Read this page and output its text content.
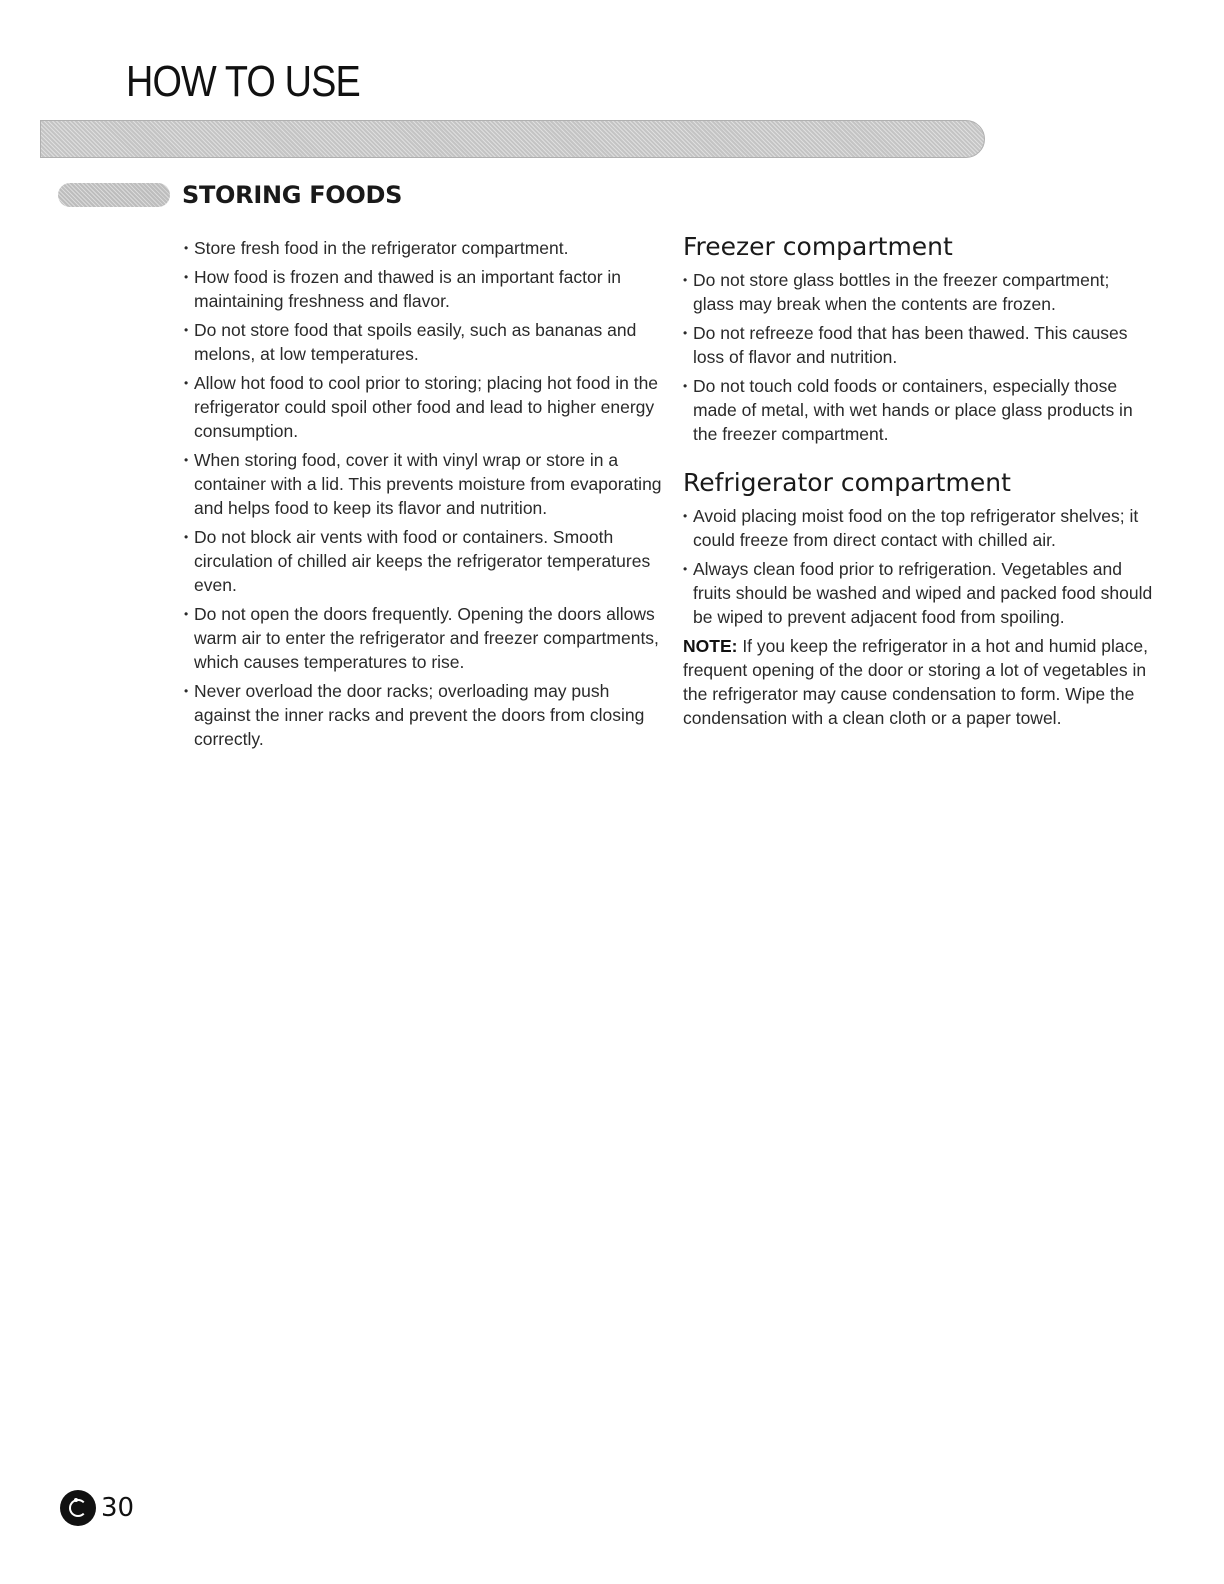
HOW TO USE
STORING FOODS
• Store fresh food in the refrigerator compartment.
• How food is frozen and thawed is an important factor in maintaining freshness and flavor.
• Do not store food that spoils easily, such as bananas and melons, at low temperatures.
• Allow hot food to cool prior to storing; placing hot food in the refrigerator could spoil other food and lead to higher energy consumption.
• When storing food, cover it with vinyl wrap or store in a container with a lid. This prevents moisture from evaporating and helps food to keep its flavor and nutrition.
• Do not block air vents with food or containers. Smooth circulation of chilled air keeps the refrigerator temperatures even.
• Do not open the doors frequently. Opening the doors allows warm air to enter the refrigerator and freezer compartments, which causes temperatures to rise.
• Never overload the door racks; overloading may push against the inner racks and prevent the doors from closing correctly.
Freezer compartment
• Do not store glass bottles in the freezer compartment; glass may break when the contents are frozen.
• Do not refreeze food that has been thawed. This causes loss of flavor and nutrition.
• Do not touch cold foods or containers, especially those made of metal, with wet hands or place glass products in the freezer compartment.
Refrigerator compartment
• Avoid placing moist food on the top refrigerator shelves; it could freeze from direct contact with chilled air.
• Always clean food prior to refrigeration. Vegetables and fruits should be washed and wiped and packed food should be wiped to prevent adjacent food from spoiling.

NOTE: If you keep the refrigerator in a hot and humid place, frequent opening of the door or storing a lot of vegetables in the refrigerator may cause condensation to form. Wipe the condensation with a clean cloth or a paper towel.

30
